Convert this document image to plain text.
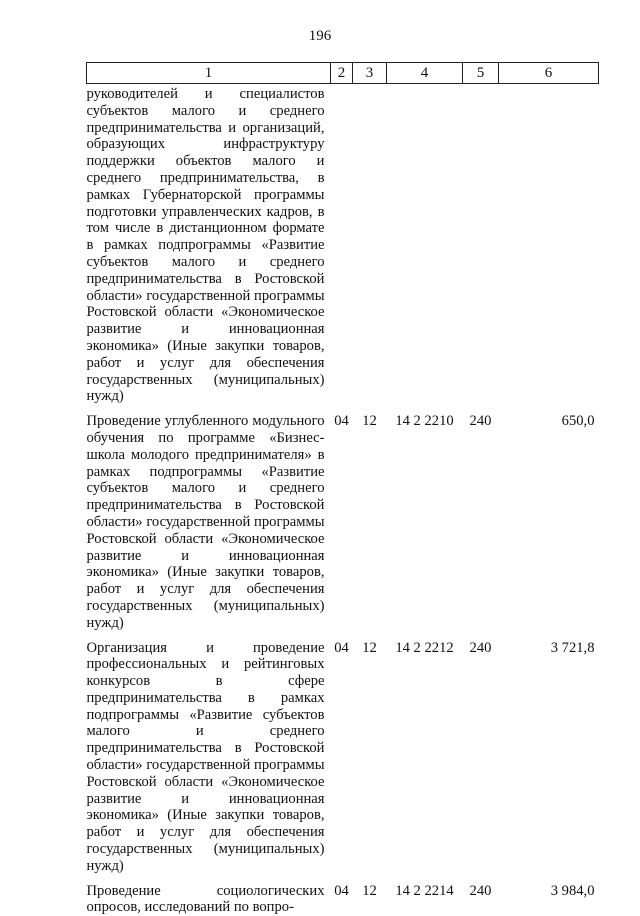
196
1	2	3	4	5	6
руководителей и специалистов субъектов малого и среднего предпринимательства и организаций, образующих инфраструктуру поддержки объектов малого и среднего предпринимательства, в рамках Губернаторской программы подготовки управленческих кадров, в том числе в дистанционном формате в рамках подпрограммы «Развитие субъектов малого и среднего предпринимательства в Ростовской области» государственной программы Ростовской области «Экономическое развитие и инновационная экономика» (Иные закупки товаров, работ и услуг для обеспечения государственных (муниципальных) нужд)					
Проведение углубленного модульного обучения по программе «Бизнес-школа молодого предпринимателя» в рамках подпрограммы «Развитие субъектов малого и среднего предпринимательства в Ростовской области» государственной программы Ростовской области «Экономическое развитие и инновационная экономика» (Иные закупки товаров, работ и услуг для обеспечения государственных (муниципальных) нужд)	04	12	14 2 2210	240	650,0
Организация и проведение профессиональных и рейтинговых конкурсов в сфере предпринимательства в рамках подпрограммы «Развитие субъектов малого и среднего предпринимательства в Ростовской области» государственной программы Ростовской области «Экономическое развитие и инновационная экономика» (Иные закупки товаров, работ и услуг для обеспечения государственных (муниципальных) нужд)	04	12	14 2 2212	240	3 721,8
Проведение социологических опросов, исследований по вопро-	04	12	14 2 2214	240	3 984,0
